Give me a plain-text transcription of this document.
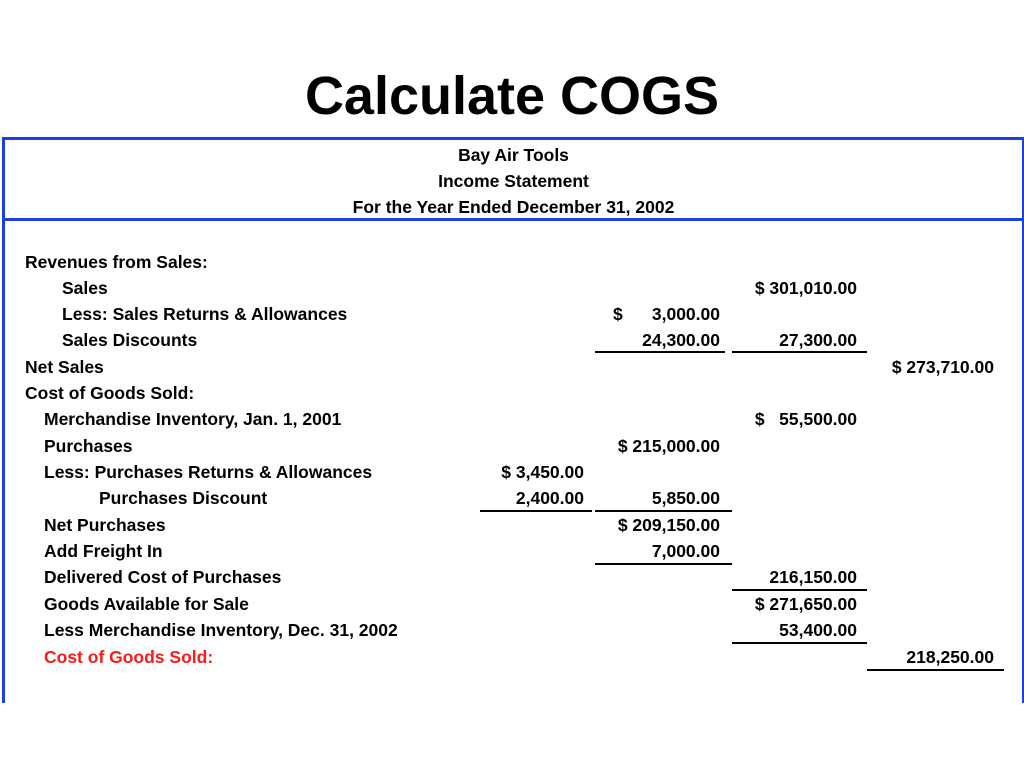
Calculate COGS
Bay Air Tools
Income Statement
For the Year Ended December 31, 2002
Revenues from Sales:
Sales	$ 301,010.00
Less: Sales Returns & Allowances	$      3,000.00
Sales Discounts	24,300.00	27,300.00
Net Sales	$ 273,710.00
Cost of Goods Sold:
Merchandise Inventory, Jan. 1, 2001	$   55,500.00
Purchases	$ 215,000.00
Less: Purchases Returns & Allowances	$ 3,450.00
Purchases Discount	2,400.00	5,850.00
Net Purchases	$ 209,150.00
Add Freight In	7,000.00
Delivered Cost of Purchases	216,150.00
Goods Available for Sale	$ 271,650.00
Less Merchandise Inventory, Dec. 31, 2002	53,400.00
Cost of Goods Sold:	218,250.00
